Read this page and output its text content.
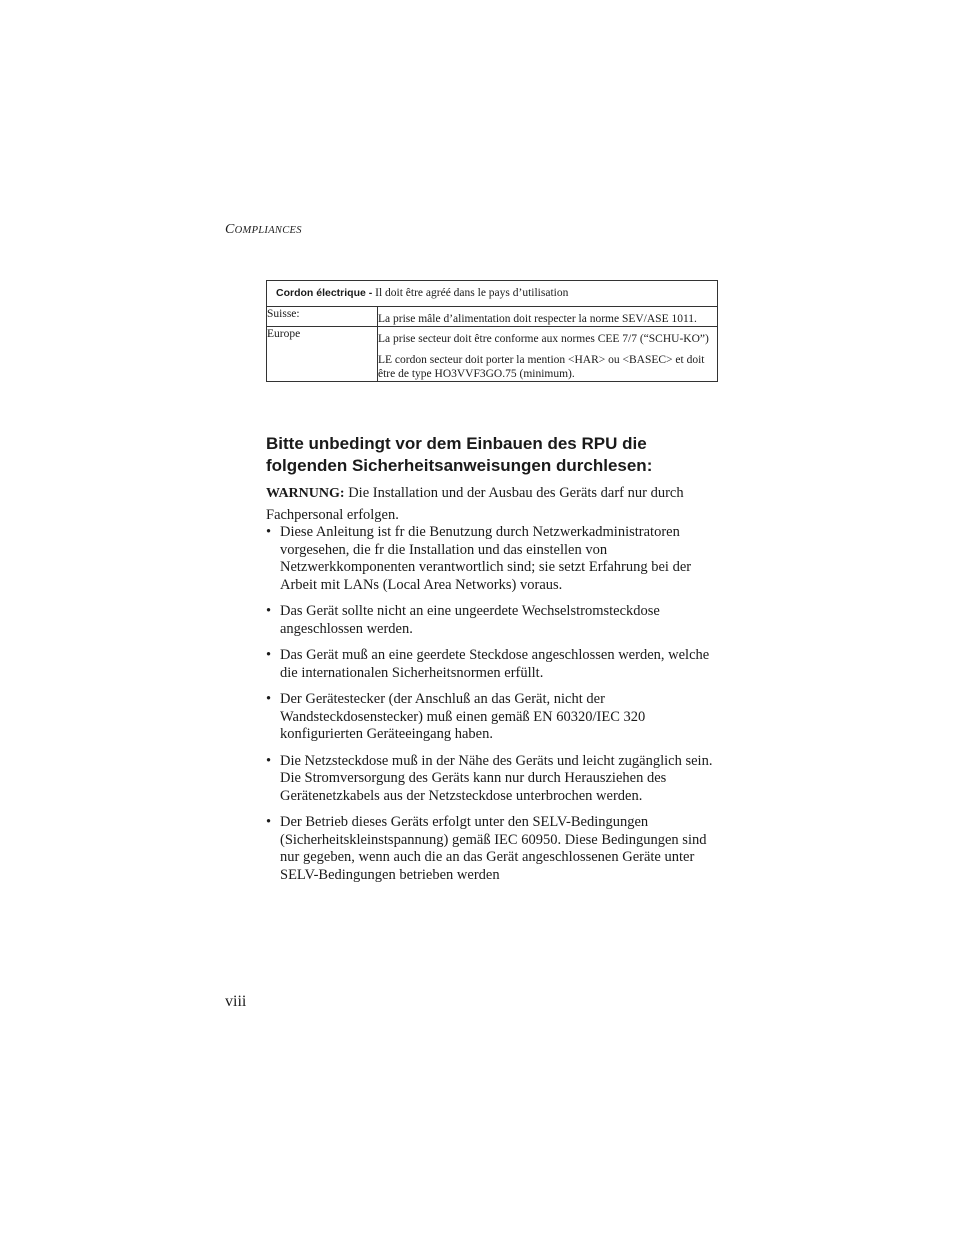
COMPLIANCES
Cordon électrique - Il doit être agréé dans le pays d’utilisation	
Suisse:	La prise mâle d’alimentation doit respecter la norme SEV/ASE 1011.

Europe	La prise secteur doit être conforme aux normes CEE 7/7 (“SCHU-KO”)

LE cordon secteur doit porter la mention <HAR> ou <BASEC> et doit être de type HO3VVF3GO.75 (minimum).

Bitte unbedingt vor dem Einbauen des RPU die folgenden Sicherheitsanweisungen durchlesen:
WARNUNG: Die Installation und der Ausbau des Geräts darf nur durch Fachpersonal erfolgen.
• Diese Anleitung ist fr die Benutzung durch Netzwerkadministratoren vorgesehen, die fr die Installation und das einstellen von Netzwerkkomponenten verantwortlich sind; sie setzt Erfahrung bei der Arbeit mit LANs (Local Area Networks) voraus.
• Das Gerät sollte nicht an eine ungeerdete Wechselstromsteckdose angeschlossen werden.
• Das Gerät muß an eine geerdete Steckdose angeschlossen werden, welche die internationalen Sicherheitsnormen erfüllt.
• Der Gerätestecker (der Anschluß an das Gerät, nicht der Wandsteckdosenstecker) muß einen gemäß EN 60320/IEC 320 konfigurierten Geräteeingang haben.
• Die Netzsteckdose muß in der Nähe des Geräts und leicht zugänglich sein. Die Stromversorgung des Geräts kann nur durch Herausziehen des Gerätenetzkabels aus der Netzsteckdose unterbrochen werden.
• Der Betrieb dieses Geräts erfolgt unter den SELV-Bedingungen (Sicherheitskleinstspannung) gemäß IEC 60950. Diese Bedingungen sind nur gegeben, wenn auch die an das Gerät angeschlossenen Geräte unter SELV-Bedingungen betrieben werden
viii
